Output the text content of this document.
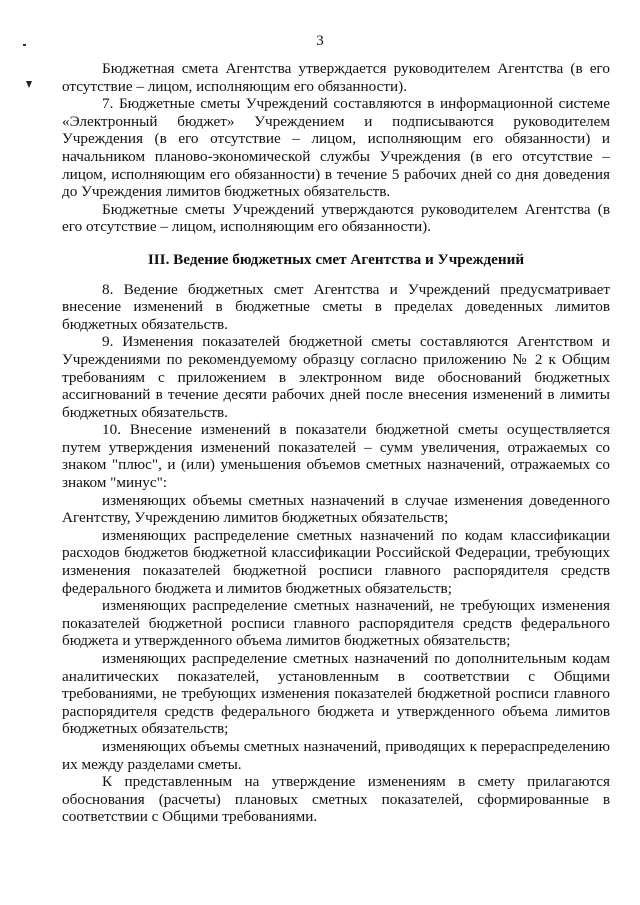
3

Бюджетная смета Агентства утверждается руководителем Агентства (в его отсутствие – лицом, исполняющим его обязанности).

7. Бюджетные сметы Учреждений составляются в информационной системе «Электронный бюджет» Учреждением и подписываются руководителем Учреждения (в его отсутствие – лицом, исполняющим его обязанности) и начальником планово-экономической службы Учреждения (в его отсутствие – лицом, исполняющим его обязанности) в течение 5 рабочих дней со дня доведения до Учреждения лимитов бюджетных обязательств.

Бюджетные сметы Учреждений утверждаются руководителем Агентства (в его отсутствие – лицом, исполняющим его обязанности).

III. Ведение бюджетных смет Агентства и Учреждений

8. Ведение бюджетных смет Агентства и Учреждений предусматривает внесение изменений в бюджетные сметы в пределах доведенных лимитов бюджетных обязательств.

9. Изменения показателей бюджетной сметы составляются Агентством и Учреждениями по рекомендуемому образцу согласно приложению № 2 к Общим требованиям с приложением в электронном виде обоснований бюджетных ассигнований в течение десяти рабочих дней после внесения изменений в лимиты бюджетных обязательств.

10. Внесение изменений в показатели бюджетной сметы осуществляется путем утверждения изменений показателей – сумм увеличения, отражаемых со знаком "плюс", и (или) уменьшения объемов сметных назначений, отражаемых со знаком "минус":

изменяющих объемы сметных назначений в случае изменения доведенного Агентству, Учреждению лимитов бюджетных обязательств;

изменяющих распределение сметных назначений по кодам классификации расходов бюджетов бюджетной классификации Российской Федерации, требующих изменения показателей бюджетной росписи главного распорядителя средств федерального бюджета и лимитов бюджетных обязательств;

изменяющих распределение сметных назначений, не требующих изменения показателей бюджетной росписи главного распорядителя средств федерального бюджета и утвержденного объема лимитов бюджетных обязательств;

изменяющих распределение сметных назначений по дополнительным кодам аналитических показателей, установленным в соответствии с Общими требованиями, не требующих изменения показателей бюджетной росписи главного распорядителя средств федерального бюджета и утвержденного объема лимитов бюджетных обязательств;

изменяющих объемы сметных назначений, приводящих к перераспределению их между разделами сметы.

К представленным на утверждение изменениям в смету прилагаются обоснования (расчеты) плановых сметных показателей, сформированные в соответствии с Общими требованиями.
